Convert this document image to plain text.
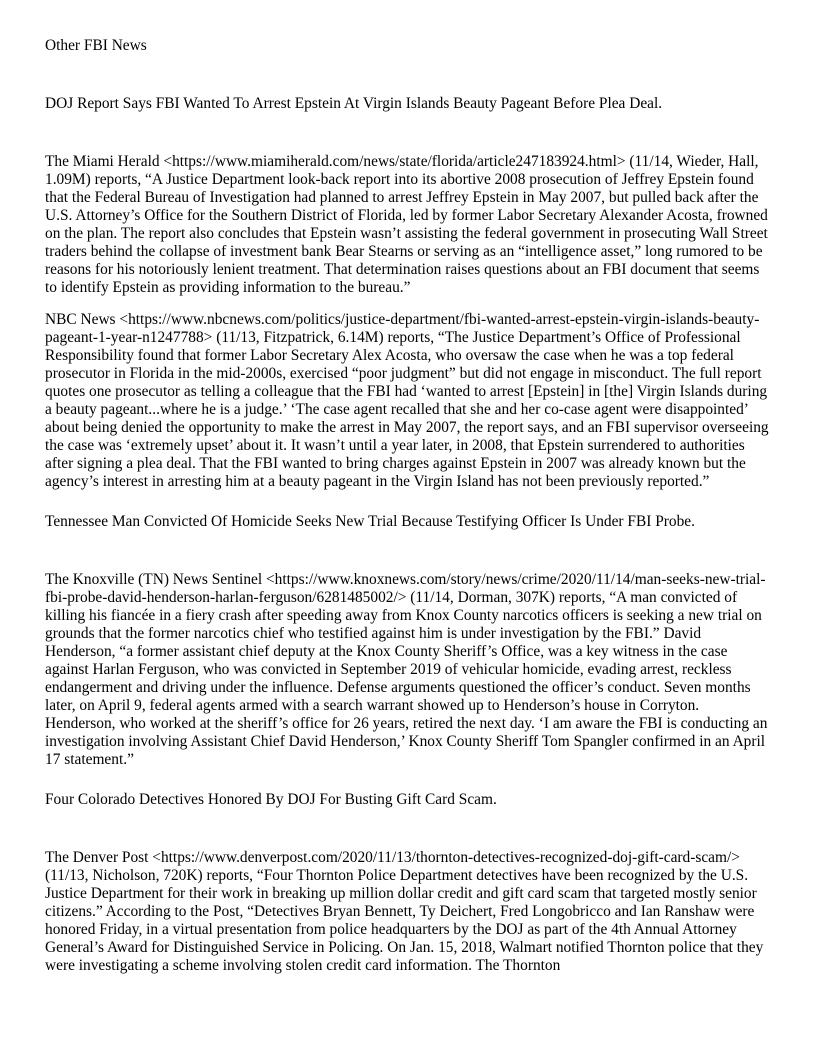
Other FBI News
DOJ Report Says FBI Wanted To Arrest Epstein At Virgin Islands Beauty Pageant Before Plea Deal.

The Miami Herald <https://www.miamiherald.com/news/state/florida/article247183924.html> (11/14, Wieder, Hall, 1.09M) reports, “A Justice Department look-back report into its abortive 2008 prosecution of Jeffrey Epstein found that the Federal Bureau of Investigation had planned to arrest Jeffrey Epstein in May 2007, but pulled back after the U.S. Attorney’s Office for the Southern District of Florida, led by former Labor Secretary Alexander Acosta, frowned on the plan. The report also concludes that Epstein wasn’t assisting the federal government in prosecuting Wall Street traders behind the collapse of investment bank Bear Stearns or serving as an “intelligence asset,” long rumored to be reasons for his notoriously lenient treatment. That determination raises questions about an FBI document that seems to identify Epstein as providing information to the bureau.”

NBC News <https://www.nbcnews.com/politics/justice-department/fbi-wanted-arrest-epstein-virgin-islands-beauty-pageant-1-year-n1247788> (11/13, Fitzpatrick, 6.14M) reports, “The Justice Department’s Office of Professional Responsibility found that former Labor Secretary Alex Acosta, who oversaw the case when he was a top federal prosecutor in Florida in the mid-2000s, exercised “poor judgment” but did not engage in misconduct. The full report quotes one prosecutor as telling a colleague that the FBI had ‘wanted to arrest [Epstein] in [the] Virgin Islands during a beauty pageant...where he is a judge.’ ‘The case agent recalled that she and her co-case agent were disappointed’ about being denied the opportunity to make the arrest in May 2007, the report says, and an FBI supervisor overseeing the case was ‘extremely upset’ about it. It wasn’t until a year later, in 2008, that Epstein surrendered to authorities after signing a plea deal. That the FBI wanted to bring charges against Epstein in 2007 was already known but the agency’s interest in arresting him at a beauty pageant in the Virgin Island has not been previously reported.”

Tennessee Man Convicted Of Homicide Seeks New Trial Because Testifying Officer Is Under FBI Probe.

The Knoxville (TN) News Sentinel <https://www.knoxnews.com/story/news/crime/2020/11/14/man-seeks-new-trial-fbi-probe-david-henderson-harlan-ferguson/6281485002/> (11/14, Dorman, 307K) reports, “A man convicted of killing his fiancée in a fiery crash after speeding away from Knox County narcotics officers is seeking a new trial on grounds that the former narcotics chief who testified against him is under investigation by the FBI.” David Henderson, “a former assistant chief deputy at the Knox County Sheriff’s Office, was a key witness in the case against Harlan Ferguson, who was convicted in September 2019 of vehicular homicide, evading arrest, reckless endangerment and driving under the influence. Defense arguments questioned the officer’s conduct. Seven months later, on April 9, federal agents armed with a search warrant showed up to Henderson’s house in Corryton. Henderson, who worked at the sheriff’s office for 26 years, retired the next day. ‘I am aware the FBI is conducting an investigation involving Assistant Chief David Henderson,’ Knox County Sheriff Tom Spangler confirmed in an April 17 statement.”

Four Colorado Detectives Honored By DOJ For Busting Gift Card Scam.

The Denver Post <https://www.denverpost.com/2020/11/13/thornton-detectives-recognized-doj-gift-card-scam/> (11/13, Nicholson, 720K) reports, “Four Thornton Police Department detectives have been recognized by the U.S. Justice Department for their work in breaking up million dollar credit and gift card scam that targeted mostly senior citizens.” According to the Post, “Detectives Bryan Bennett, Ty Deichert, Fred Longobricco and Ian Ranshaw were honored Friday, in a virtual presentation from police headquarters by the DOJ as part of the 4th Annual Attorney General’s Award for Distinguished Service in Policing. On Jan. 15, 2018, Walmart notified Thornton police that they were investigating a scheme involving stolen credit card information. The Thornton
